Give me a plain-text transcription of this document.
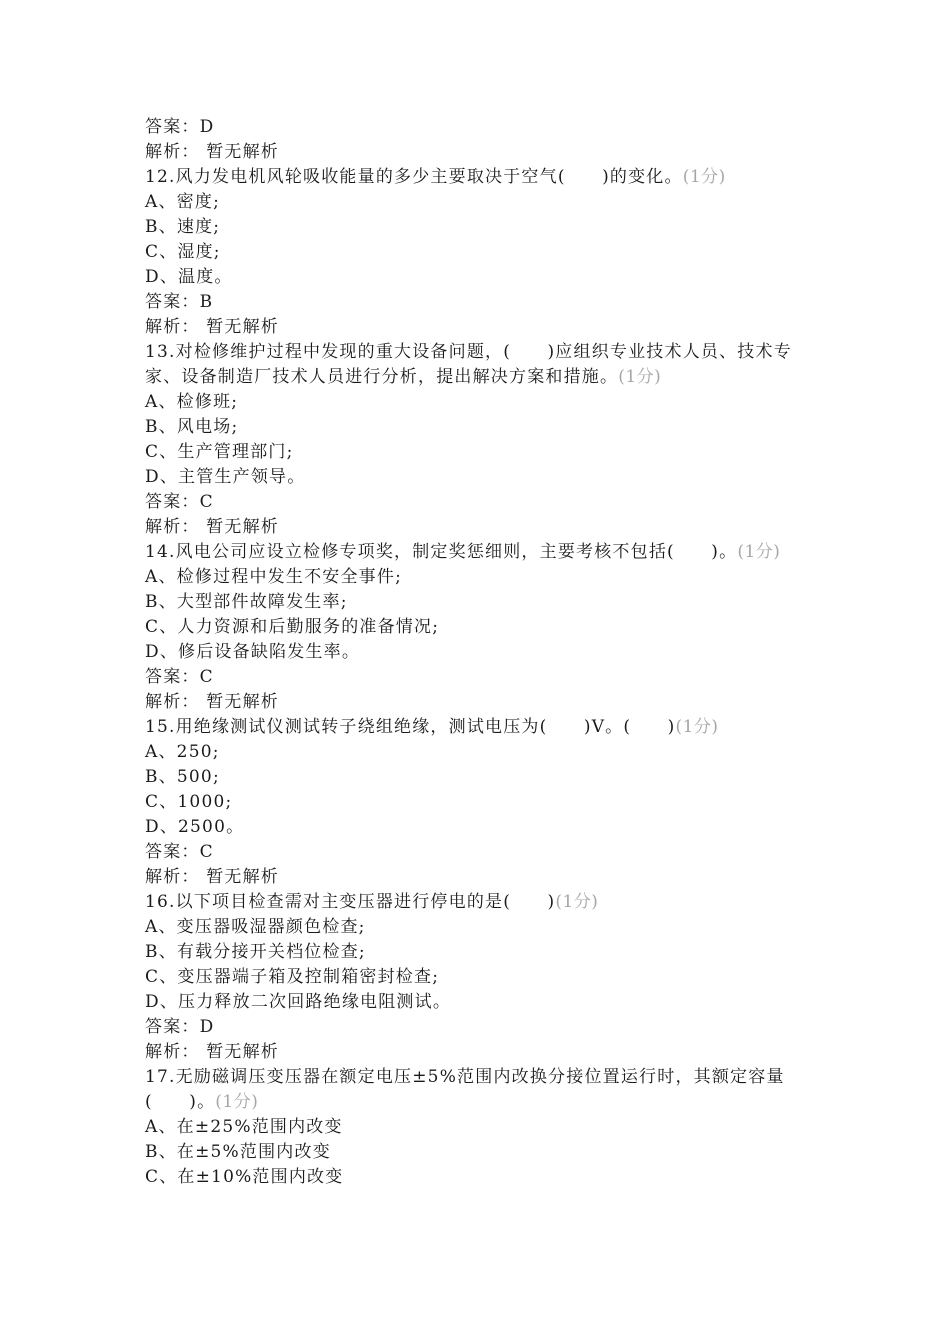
答案：D
解析： 暂无解析
12.风力发电机风轮吸收能量的多少主要取决于空气(　　)的变化。(1分)
A、密度;
B、速度;
C、湿度;
D、温度。
答案：B
解析： 暂无解析
13.对检修维护过程中发现的重大设备问题，(　　)应组织专业技术人员、技术专家、设备制造厂技术人员进行分析，提出解决方案和措施。(1分)
A、检修班;
B、风电场;
C、生产管理部门;
D、主管生产领导。
答案：C
解析： 暂无解析
14.风电公司应设立检修专项奖，制定奖惩细则，主要考核不包括(　　)。(1分)
A、检修过程中发生不安全事件;
B、大型部件故障发生率;
C、人力资源和后勤服务的准备情况;
D、修后设备缺陷发生率。
答案：C
解析： 暂无解析
15.用绝缘测试仪测试转子绕组绝缘，测试电压为(　　)V。(　　)(1分)
A、250;
B、500;
C、1000;
D、2500。
答案：C
解析： 暂无解析
16.以下项目检查需对主变压器进行停电的是(　　)(1分)
A、变压器吸湿器颜色检查;
B、有载分接开关档位检查;
C、变压器端子箱及控制箱密封检查;
D、压力释放二次回路绝缘电阻测试。
答案：D
解析： 暂无解析
17.无励磁调压变压器在额定电压±5%范围内改换分接位置运行时，其额定容量(　　)。(1分)
A、在±25%范围内改变
B、在±5%范围内改变
C、在±10%范围内改变
